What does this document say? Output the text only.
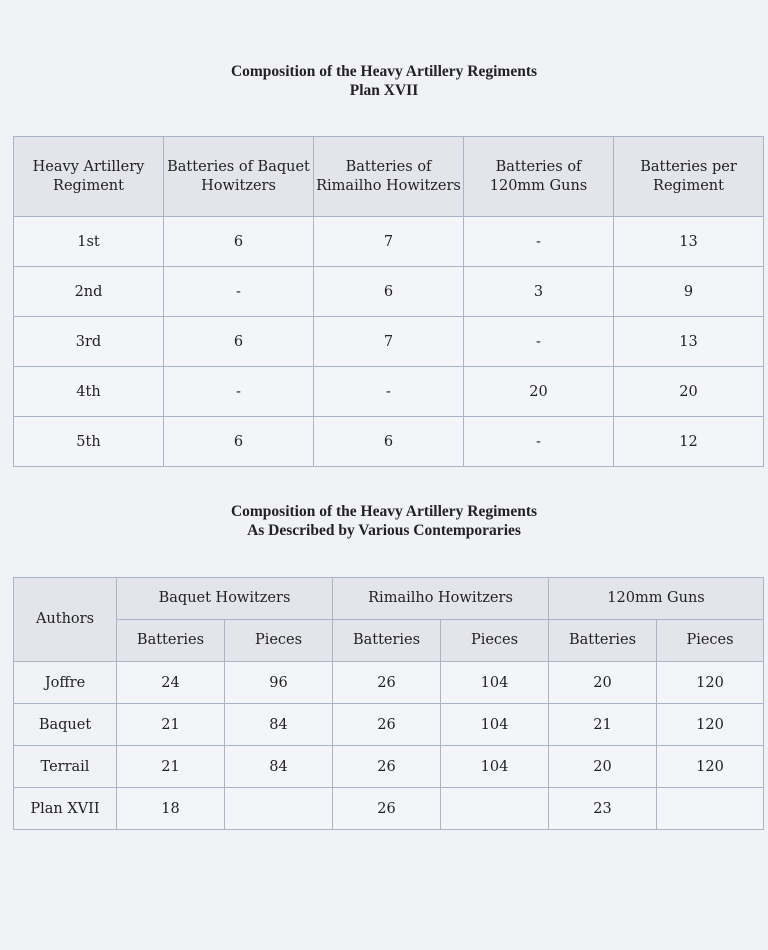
Composition of the Heavy Artillery Regiments
Plan XVII
Heavy Artillery Regiment	Batteries of Baquet Howitzers	Batteries of Rimailho Howitzers	Batteries of 120mm Guns	Batteries per Regiment
1st	6	7	-	13
2nd	-	6	3	9
3rd	6	7	-	13
4th	-	-	20	20
5th	6	6	-	12
Composition of the Heavy Artillery Regiments
As Described by Various Contemporaries
Authors	Baquet Howitzers		Rimailho Howitzers		120mm Guns	
	Batteries	Pieces	Batteries	Pieces	Batteries	Pieces
Joffre	24	96	26	104	20	120
Baquet	21	84	26	104	21	120
Terrail	21	84	26	104	20	120
Plan XVII	18		26		23	
